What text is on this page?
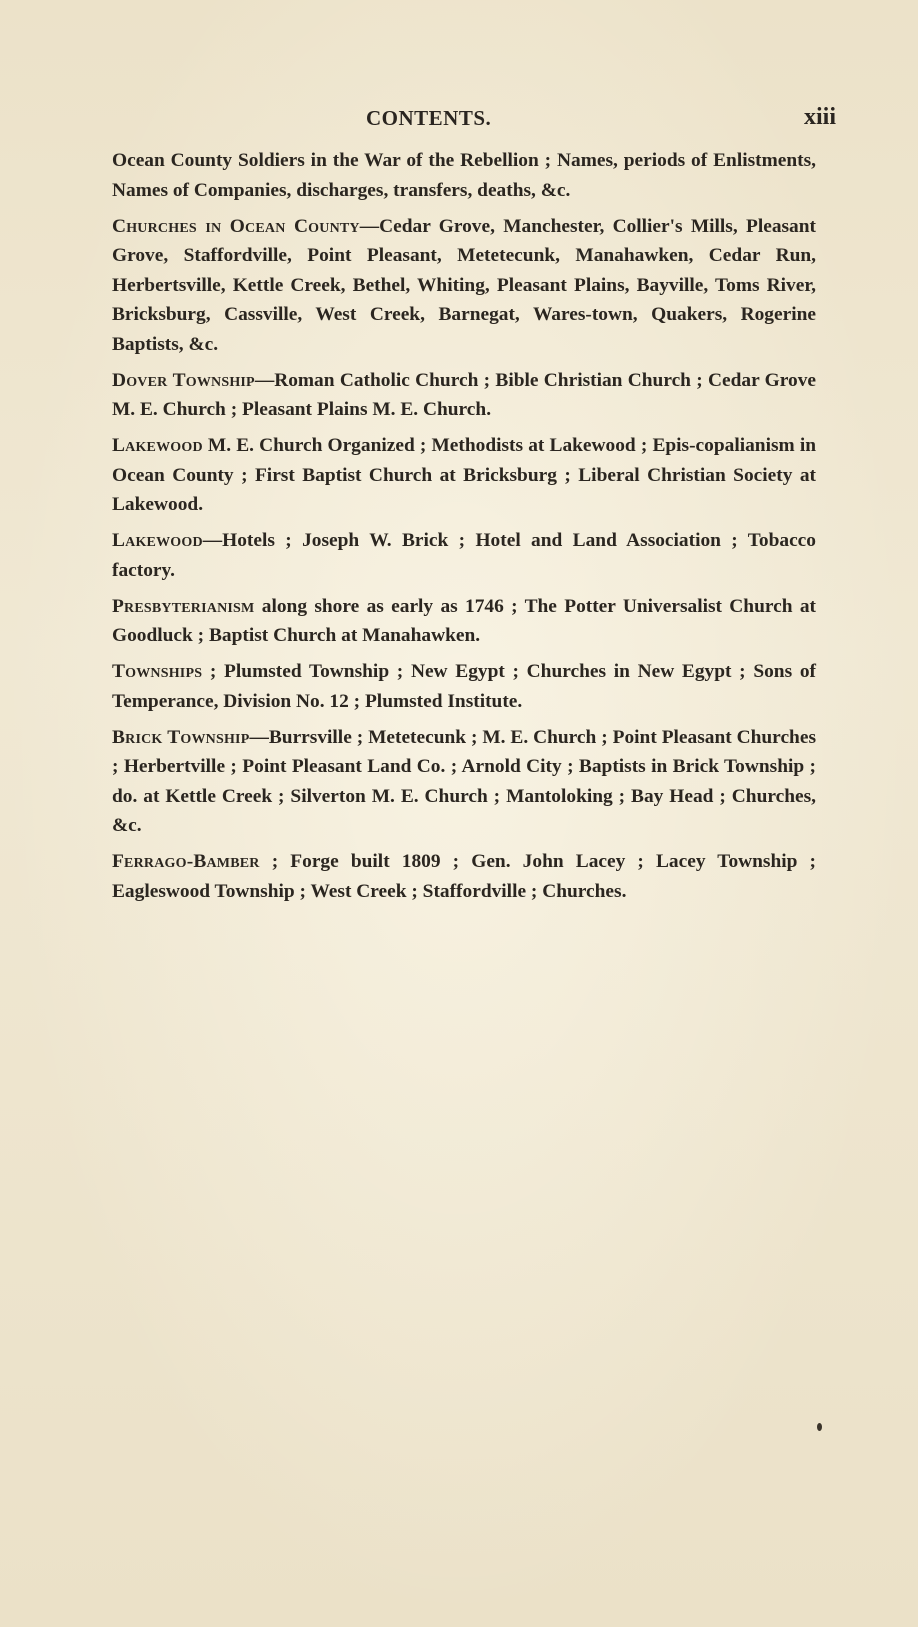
CONTENTS.	xiii

Ocean County Soldiers in the War of the Rebellion ; Names, periods of Enlistments, Names of Companies, discharges, transfers, deaths, &c.

Churches in Ocean County—Cedar Grove, Manchester, Collier's Mills, Pleasant Grove, Staffordville, Point Pleasant, Metetecunk, Manahawken, Cedar Run, Herbertsville, Kettle Creek, Bethel, Whiting, Pleasant Plains, Bayville, Toms River, Bricksburg, Cassville, West Creek, Barnegat, Wares-town, Quakers, Rogerine Baptists, &c.

Dover Township—Roman Catholic Church ; Bible Christian Church ; Cedar Grove M. E. Church ; Pleasant Plains M. E. Church.

Lakewood M. E. Church Organized ; Methodists at Lakewood ; Epis-copalianism in Ocean County ; First Baptist Church at Bricksburg ; Liberal Christian Society at Lakewood.

Lakewood—Hotels ; Joseph W. Brick ; Hotel and Land Association ; Tobacco factory.

Presbyterianism along shore as early as 1746 ; The Potter Universalist Church at Goodluck ; Baptist Church at Manahawken.

Townships ; Plumsted Township ; New Egypt ; Churches in New Egypt ; Sons of Temperance, Division No. 12 ; Plumsted Institute.

Brick Township—Burrsville ; Metetecunk ; M. E. Church ; Point Pleasant Churches ; Herbertville ; Point Pleasant Land Co. ; Arnold City ; Baptists in Brick Township ; do. at Kettle Creek ; Silverton M. E. Church ; Mantoloking ; Bay Head ; Churches, &c.

Ferrago-Bamber ; Forge built 1809 ; Gen. John Lacey ; Lacey Township ; Eagleswood Township ; West Creek ; Staffordville ; Churches.
